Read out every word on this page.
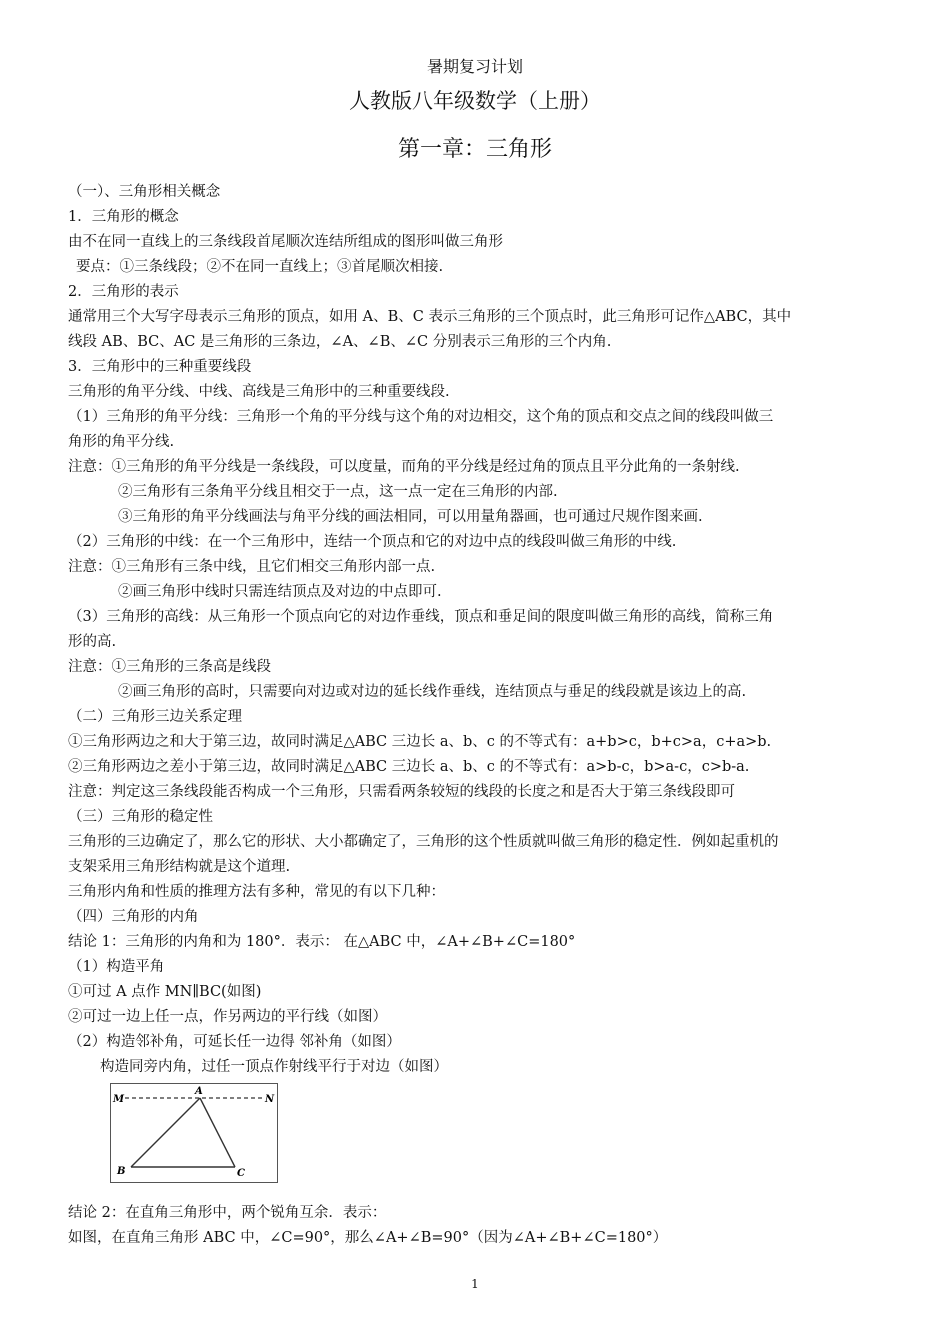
暑期复习计划
人教版八年级数学（上册）
第一章：三角形
（一）、三角形相关概念
1．三角形的概念
由不在同一直线上的三条线段首尾顺次连结所组成的图形叫做三角形
要点：①三条线段；②不在同一直线上；③首尾顺次相接.
2．三角形的表示
通常用三个大写字母表示三角形的顶点，如用 A、B、C 表示三角形的三个顶点时，此三角形可记作△ABC，其中
线段 AB、BC、AC 是三角形的三条边，∠A、∠B、∠C 分别表示三角形的三个内角.
3．三角形中的三种重要线段
三角形的角平分线、中线、高线是三角形中的三种重要线段.
（1）三角形的角平分线：三角形一个角的平分线与这个角的对边相交，这个角的顶点和交点之间的线段叫做三
角形的角平分线.
注意：①三角形的角平分线是一条线段，可以度量，而角的平分线是经过角的顶点且平分此角的一条射线.
②三角形有三条角平分线且相交于一点，这一点一定在三角形的内部.
③三角形的角平分线画法与角平分线的画法相同，可以用量角器画，也可通过尺规作图来画.
（2）三角形的中线：在一个三角形中，连结一个顶点和它的对边中点的线段叫做三角形的中线.
注意：①三角形有三条中线，且它们相交三角形内部一点.
②画三角形中线时只需连结顶点及对边的中点即可.
（3）三角形的高线：从三角形一个顶点向它的对边作垂线，顶点和垂足间的限度叫做三角形的高线，简称三角
形的高.
注意：①三角形的三条高是线段
②画三角形的高时，只需要向对边或对边的延长线作垂线，连结顶点与垂足的线段就是该边上的高.
（二）三角形三边关系定理
①三角形两边之和大于第三边，故同时满足△ABC 三边长 a、b、c 的不等式有：a+b>c，b+c>a，c+a>b.
②三角形两边之差小于第三边，故同时满足△ABC 三边长 a、b、c 的不等式有：a>b-c，b>a-c，c>b-a.
注意：判定这三条线段能否构成一个三角形，只需看两条较短的线段的长度之和是否大于第三条线段即可
（三）三角形的稳定性
三角形的三边确定了，那么它的形状、大小都确定了，三角形的这个性质就叫做三角形的稳定性．例如起重机的
支架采用三角形结构就是这个道理.
三角形内角和性质的推理方法有多种，常见的有以下几种：
（四）三角形的内角
结论 1：三角形的内角和为 180°．表示： 在△ABC 中，∠A+∠B+∠C=180°
（1）构造平角
①可过 A 点作 MN∥BC(如图)
②可过一边上任一点，作另两边的平行线（如图）
（2）构造邻补角，可延长任一边得 邻补角（如图）
构造同旁内角，过任一顶点作射线平行于对边（如图）
A
B	C
M	N
结论 2：在直角三角形中，两个锐角互余．表示：
如图，在直角三角形 ABC 中，∠C=90°，那么∠A+∠B=90°（因为∠A+∠B+∠C=180°）
1
